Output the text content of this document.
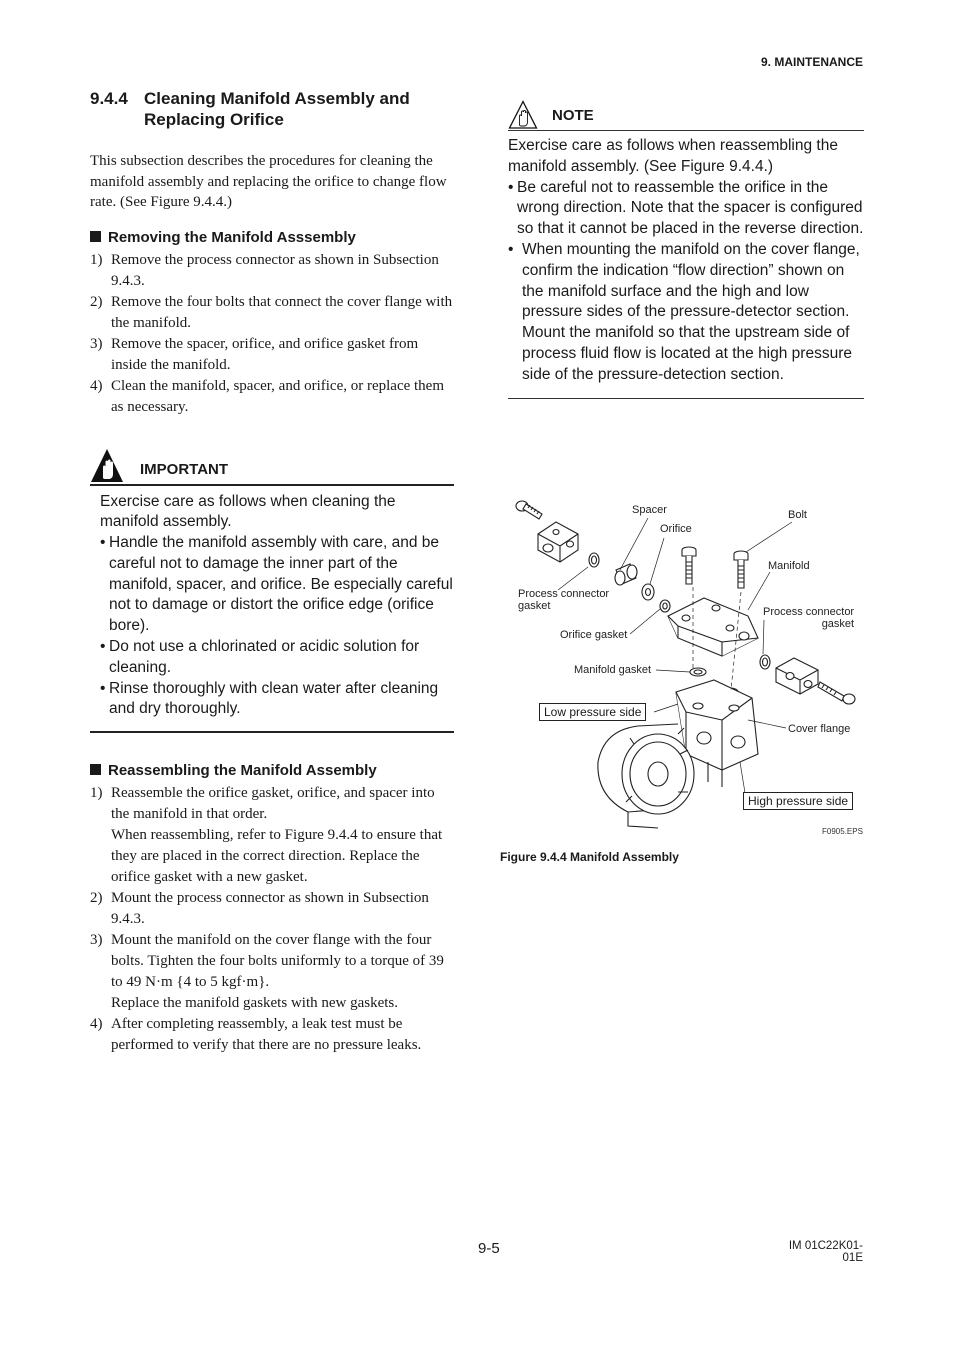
9. MAINTENANCE
9.4.4 Cleaning Manifold Assembly and Replacing Orifice

This subsection describes the procedures for cleaning the manifold assembly and replacing the orifice to change flow rate. (See Figure 9.4.4.)

Removing the Manifold Asssembly
1) Remove the process connector as shown in Subsection 9.4.3.
2) Remove the four bolts that connect the cover flange with the manifold.
3) Remove the spacer, orifice, and orifice gasket from inside the manifold.
4) Clean the manifold, spacer, and orifice, or replace them as necessary.
IMPORTANT
Exercise care as follows when cleaning the manifold assembly.
• Handle the manifold assembly with care, and be careful not to damage the inner part of the manifold, spacer, and orifice. Be especially careful not to damage or distort the orifice edge (orifice bore).
• Do not use a chlorinated or acidic solution for cleaning.
• Rinse thoroughly with clean water after cleaning and dry thoroughly.
Reassembling the Manifold Assembly
1) Reassemble the orifice gasket, orifice, and spacer into the manifold in that order.
When reassembling, refer to Figure 9.4.4 to ensure that they are placed in the correct direction. Replace the orifice gasket with a new gasket.
2) Mount the process connector as shown in Subsection 9.4.3.
3) Mount the manifold on the cover flange with the four bolts. Tighten the four bolts uniformly to a torque of 39 to 49 N·m {4 to 5 kgf·m}.
Replace the manifold gaskets with new gaskets.
4) After completing reassembly, a leak test must be performed to verify that there are no pressure leaks.
NOTE
Exercise care as follows when reassembling the manifold assembly. (See Figure 9.4.4.)
• Be careful not to reassemble the orifice in the wrong direction. Note that the spacer is configured so that it cannot be placed in the reverse direction.
• When mounting the manifold on the cover flange, confirm the indication “flow direction” shown on the manifold surface and the high and low pressure sides of the pressure-detector section.
Mount the manifold so that the upstream side of process fluid flow is located at the high pressure side of the pressure-detection section.
Spacer
Orifice
Bolt
Manifold
Process connector
gasket	Process connector
gasket
Orifice gasket
Manifold gasket
Low pressure side
Cover flange
High pressure side
F0905.EPS
Figure 9.4.4 Manifold Assembly
9-5	IM 01C22K01-01E
